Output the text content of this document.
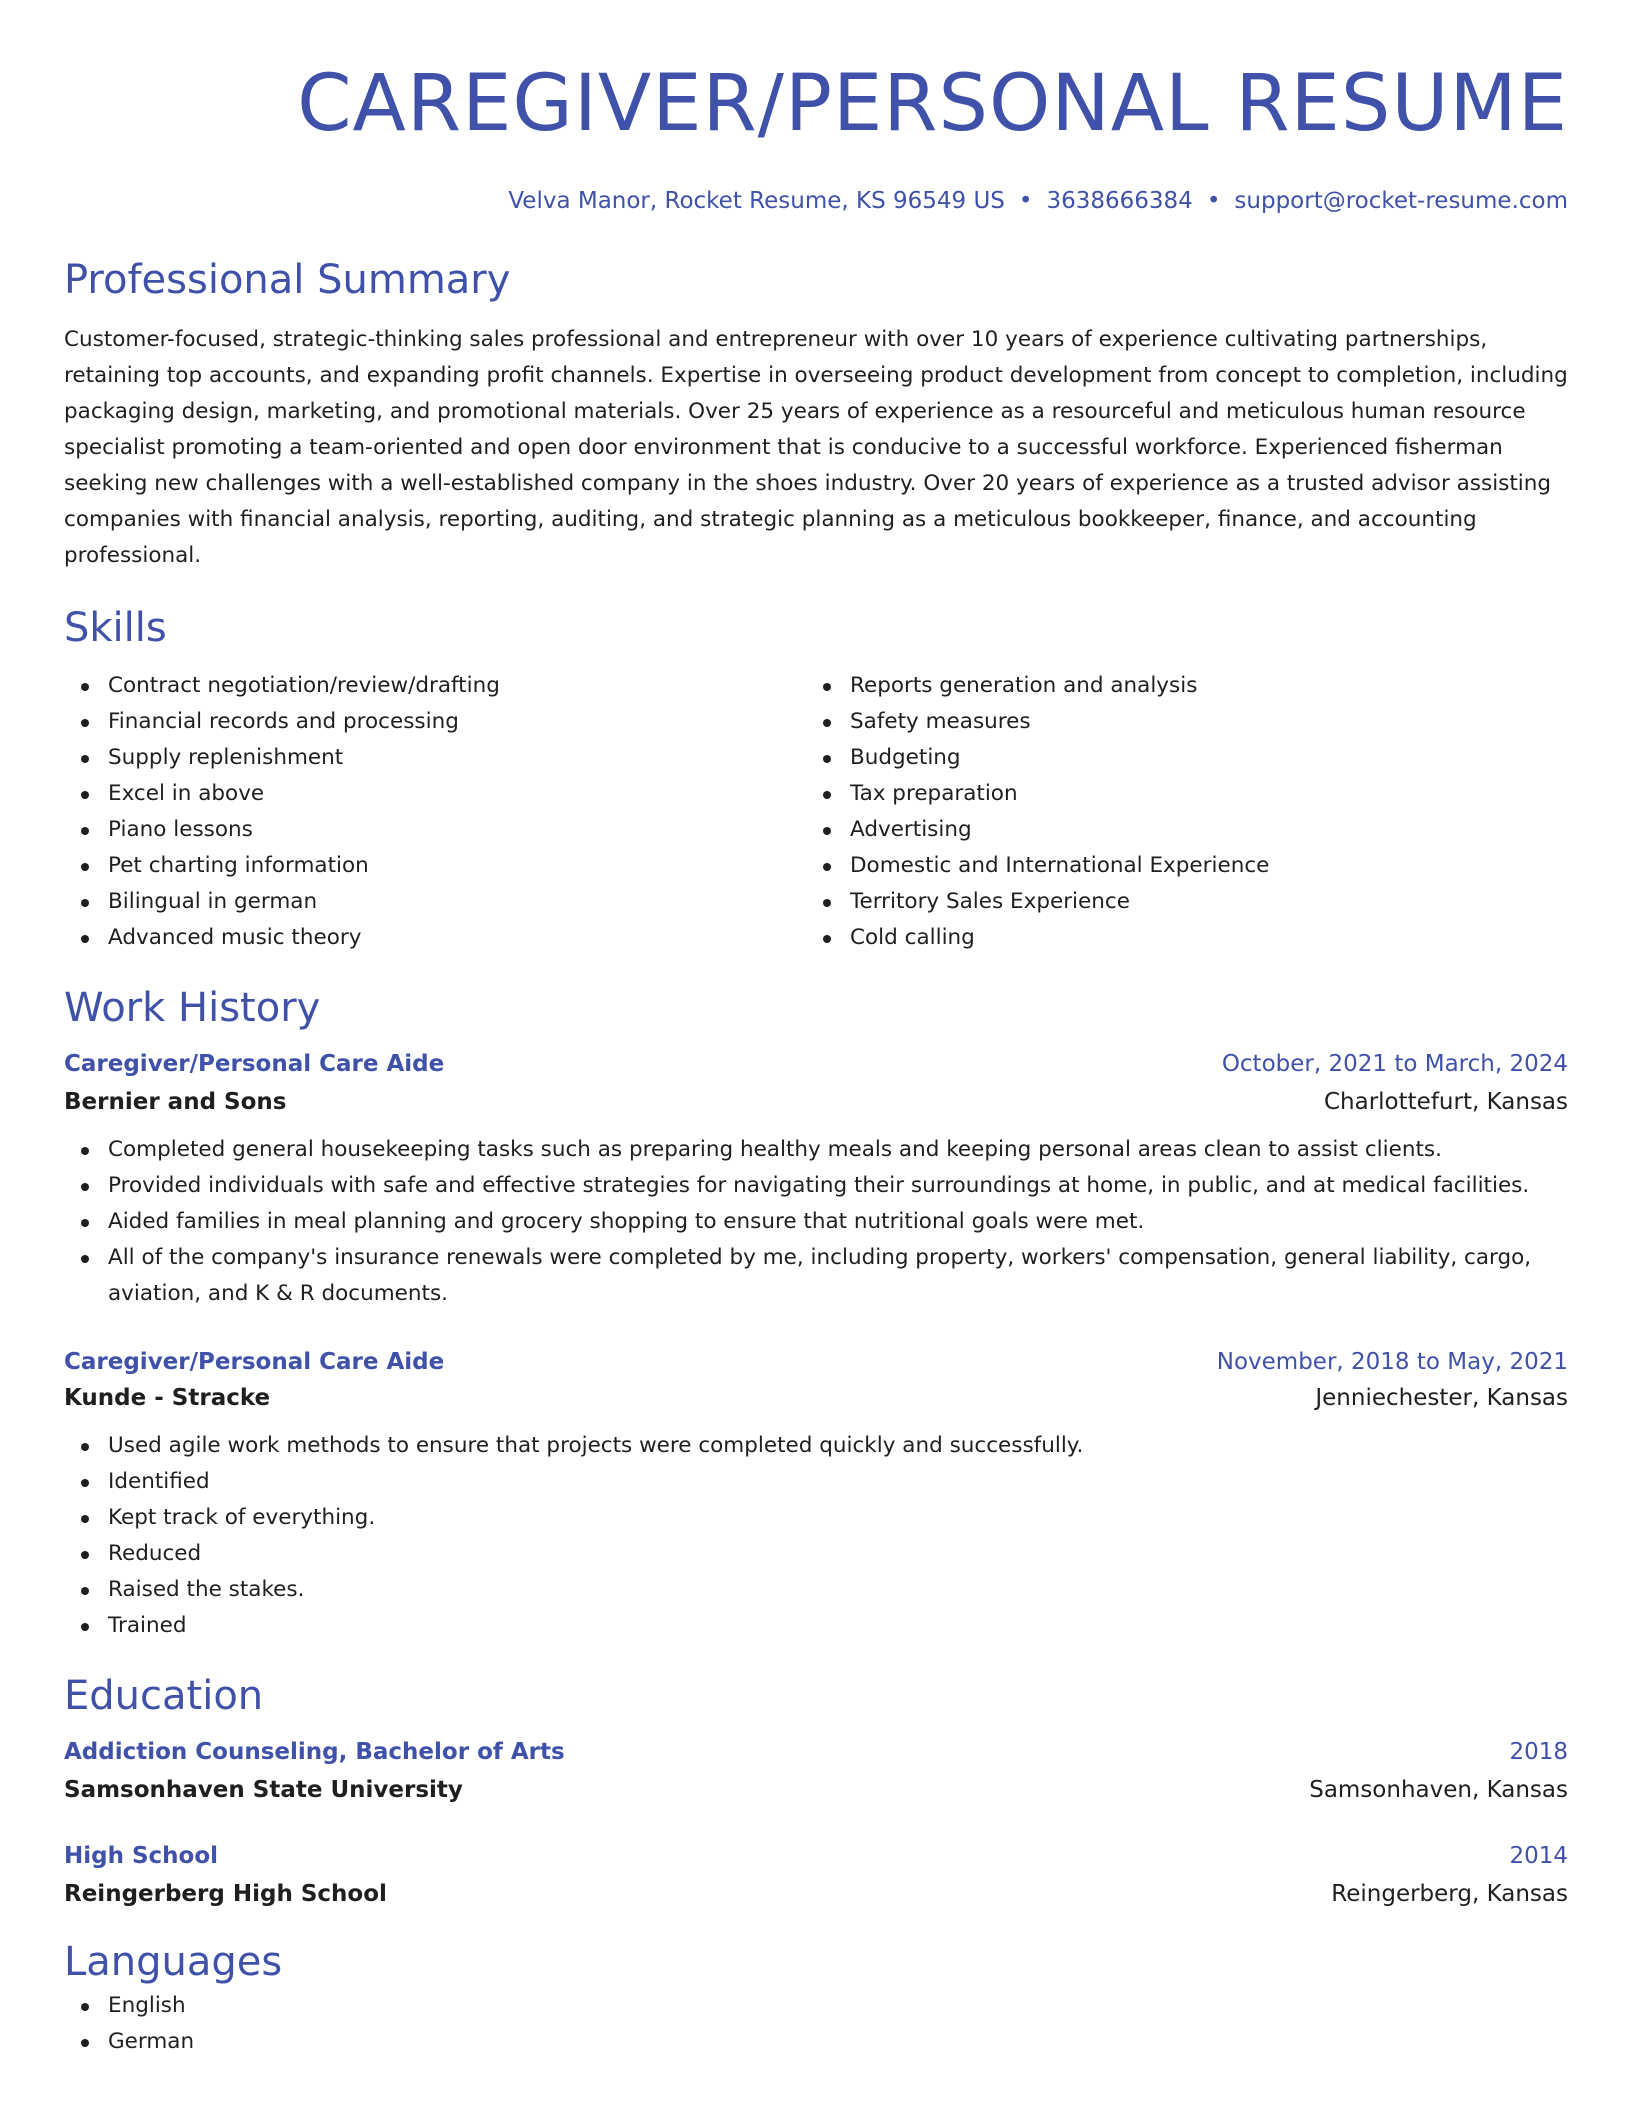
CAREGIVER/PERSONAL RESUME
Velva Manor, Rocket Resume, KS 96549 US • 3638666384 • support@rocket-resume.com
Professional Summary
Customer-focused, strategic-thinking sales professional and entrepreneur with over 10 years of experience cultivating partnerships, retaining top accounts, and expanding profit channels. Expertise in overseeing product development from concept to completion, including packaging design, marketing, and promotional materials. Over 25 years of experience as a resourceful and meticulous human resource specialist promoting a team-oriented and open door environment that is conducive to a successful workforce. Experienced fisherman seeking new challenges with a well-established company in the shoes industry. Over 20 years of experience as a trusted advisor assisting companies with financial analysis, reporting, auditing, and strategic planning as a meticulous bookkeeper, finance, and accounting professional.
Skills
Contract negotiation/review/drafting
Financial records and processing
Supply replenishment
Excel in above
Piano lessons
Pet charting information
Bilingual in german
Advanced music theory
Reports generation and analysis
Safety measures
Budgeting
Tax preparation
Advertising
Domestic and International Experience
Territory Sales Experience
Cold calling
Work History
Caregiver/Personal Care Aide	October, 2021 to March, 2024
Bernier and Sons	Charlottefurt, Kansas
Completed general housekeeping tasks such as preparing healthy meals and keeping personal areas clean to assist clients.
Provided individuals with safe and effective strategies for navigating their surroundings at home, in public, and at medical facilities.
Aided families in meal planning and grocery shopping to ensure that nutritional goals were met.
All of the company's insurance renewals were completed by me, including property, workers' compensation, general liability, cargo, aviation, and K & R documents.
Caregiver/Personal Care Aide	November, 2018 to May, 2021
Kunde - Stracke	Jenniechester, Kansas
Used agile work methods to ensure that projects were completed quickly and successfully.
Identified
Kept track of everything.
Reduced
Raised the stakes.
Trained
Education
Addiction Counseling, Bachelor of Arts	2018
Samsonhaven State University	Samsonhaven, Kansas
High School	2014
Reingerberg High School	Reingerberg, Kansas
Languages
English
German
